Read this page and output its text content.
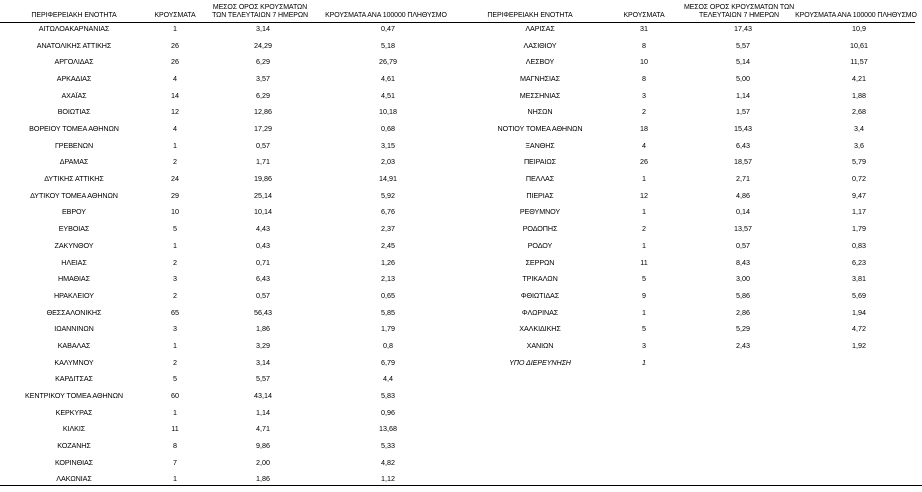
ΠΕΡΙΦΕΡΕΙΑΚΗ ΕΝΟΤΗΤΑ	ΚΡΟΥΣΜΑΤΑ
ΜΕΣΟΣ ΟΡΟΣ ΚΡΟΥΣΜΑΤΩΝ ΤΩΝ ΤΕΛΕΥΤΑΙΩΝ 7 ΗΜΕΡΩΝ	ΚΡΟΥΣΜΑΤΑ ΑΝΑ 100000 ΠΛΗΘΥΣΜΟ
ΑΙΤΩΛΟΑΚΑΡΝΑΝΙΑΣ	1	3,14	0,47
ΑΝΑΤΟΛΙΚΗΣ ΑΤΤΙΚΗΣ	26	24,29	5,18
ΑΡΓΟΛΙΔΑΣ	26	6,29	26,79
ΑΡΚΑΔΙΑΣ	4	3,57	4,61
ΑΧΑΪΑΣ	14	6,29	4,51
ΒΟΙΩΤΙΑΣ	12	12,86	10,18
ΒΟΡΕΙΟΥ ΤΟΜΕΑ ΑΘΗΝΩΝ	4	17,29	0,68
ΓΡΕΒΕΝΩΝ	1	0,57	3,15
ΔΡΑΜΑΣ	2	1,71	2,03
ΔΥΤΙΚΗΣ ΑΤΤΙΚΗΣ	24	19,86	14,91
ΔΥΤΙΚΟΥ ΤΟΜΕΑ ΑΘΗΝΩΝ	29	25,14	5,92
ΕΒΡΟΥ	10	10,14	6,76
ΕΥΒΟΙΑΣ	5	4,43	2,37
ΖΑΚΥΝΘΟΥ	1	0,43	2,45
ΗΛΕΙΑΣ	2	0,71	1,26
ΗΜΑΘΙΑΣ	3	6,43	2,13
ΗΡΑΚΛΕΙΟΥ	2	0,57	0,65
ΘΕΣΣΑΛΟΝΙΚΗΣ	65	56,43	5,85
ΙΩΑΝΝΙΝΩΝ	3	1,86	1,79
ΚΑΒΑΛΑΣ	1	3,29	0,8
ΚΑΛΥΜΝΟΥ	2	3,14	6,79
ΚΑΡΔΙΤΣΑΣ	5	5,57	4,4
ΚΕΝΤΡΙΚΟΥ ΤΟΜΕΑ ΑΘΗΝΩΝ	60	43,14	5,83
ΚΕΡΚΥΡΑΣ	1	1,14	0,96
ΚΙΛΚΙΣ	11	4,71	13,68
ΚΟΖΑΝΗΣ	8	9,86	5,33
ΚΟΡΙΝΘΙΑΣ	7	2,00	4,82
ΛΑΚΩΝΙΑΣ	1	1,86	1,12
ΠΕΡΙΦΕΡΕΙΑΚΗ ΕΝΟΤΗΤΑ	ΚΡΟΥΣΜΑΤΑ
ΜΕΣΟΣ ΟΡΟΣ ΚΡΟΥΣΜΑΤΩΝ ΤΩΝ ΤΕΛΕΥΤΑΙΩΝ 7 ΗΜΕΡΩΝ	ΚΡΟΥΣΜΑΤΑ ΑΝΑ 100000 ΠΛΗΘΥΣΜΟ
ΛΑΡΙΣΑΣ	31	17,43	10,9
ΛΑΣΙΘΙΟΥ	8	5,57	10,61
ΛΕΣΒΟΥ	10	5,14	11,57
ΜΑΓΝΗΣΙΑΣ	8	5,00	4,21
ΜΕΣΣΗΝΙΑΣ	3	1,14	1,88
ΝΗΣΩΝ	2	1,57	2,68
ΝΟΤΙΟΥ ΤΟΜΕΑ ΑΘΗΝΩΝ	18	15,43	3,4
ΞΑΝΘΗΣ	4	6,43	3,6
ΠΕΙΡΑΙΩΣ	26	18,57	5,79
ΠΕΛΛΑΣ	1	2,71	0,72
ΠΙΕΡΙΑΣ	12	4,86	9,47
ΡΕΘΥΜΝΟΥ	1	0,14	1,17
ΡΟΔΟΠΗΣ	2	13,57	1,79
ΡΟΔΟΥ	1	0,57	0,83
ΣΕΡΡΩΝ	11	8,43	6,23
ΤΡΙΚΑΛΩΝ	5	3,00	3,81
ΦΘΙΩΤΙΔΑΣ	9	5,86	5,69
ΦΛΩΡΙΝΑΣ	1	2,86	1,94
ΧΑΛΚΙΔΙΚΗΣ	5	5,29	4,72
ΧΑΝΙΩΝ	3	2,43	1,92
ΥΠΟ ΔΙΕΡΕΥΝΗΣΗ	1
